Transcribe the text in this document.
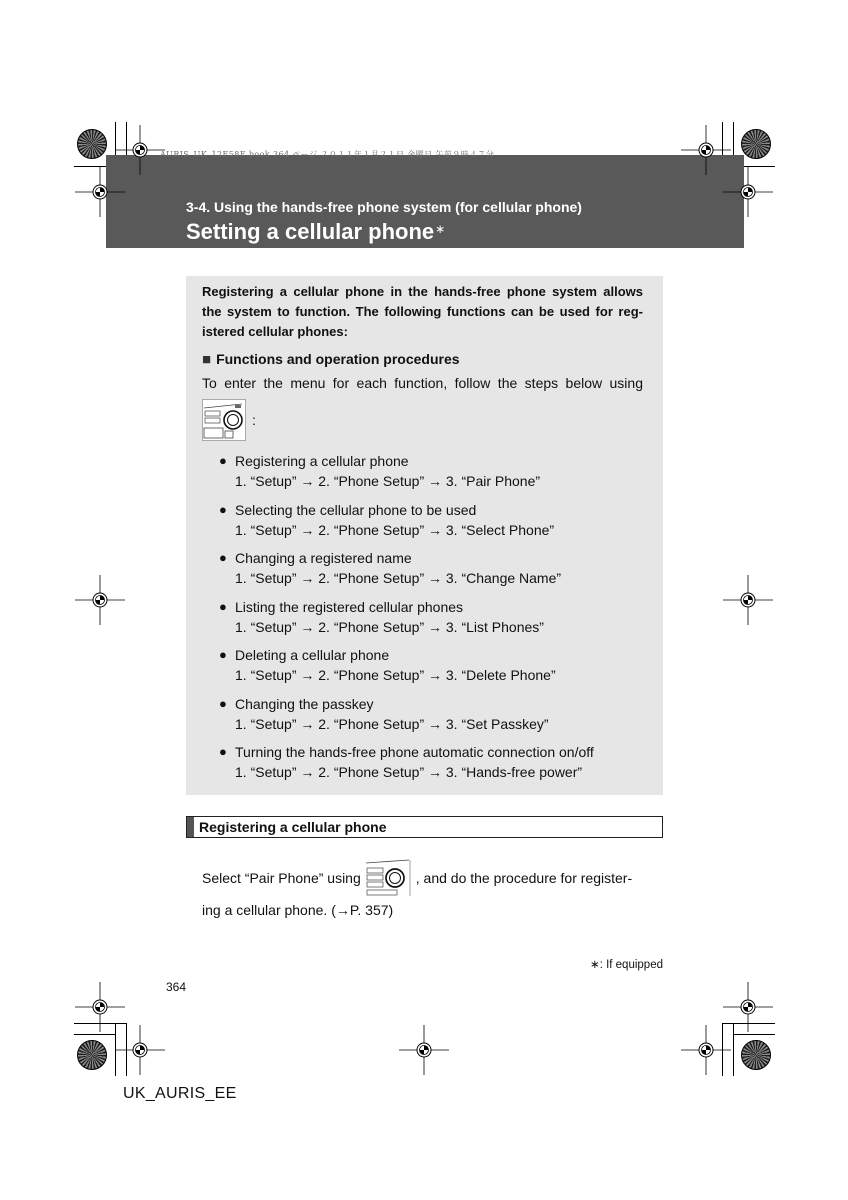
AURIS_UK_12E58E.book 364 ページ ２０１１年１月２１日 金曜日 午前９時４７分
3-4. Using the hands-free phone system (for cellular phone)
Setting a cellular phone∗
Registering a cellular phone in the hands-free phone system allows
the system to function. The following functions can be used for reg-
istered cellular phones:
■ Functions and operation procedures
To enter the menu for each function, follow the steps below using
:
● Registering a cellular phone
1. “Setup” → 2. “Phone Setup” → 3. “Pair Phone”
● Selecting the cellular phone to be used
1. “Setup” → 2. “Phone Setup” → 3. “Select Phone”
● Changing a registered name
1. “Setup” → 2. “Phone Setup” → 3. “Change Name”
● Listing the registered cellular phones
1. “Setup” → 2. “Phone Setup” → 3. “List Phones”
● Deleting a cellular phone
1. “Setup” → 2. “Phone Setup” → 3. “Delete Phone”
● Changing the passkey
1. “Setup” → 2. “Phone Setup” → 3. “Set Passkey”
● Turning the hands-free phone automatic connection on/off
1. “Setup” → 2. “Phone Setup” → 3. “Hands-free power”
Registering a cellular phone
Select “Pair Phone” using	, and do the procedure for register-
ing a cellular phone. (→P. 357)
∗: If equipped
364
UK_AURIS_EE
